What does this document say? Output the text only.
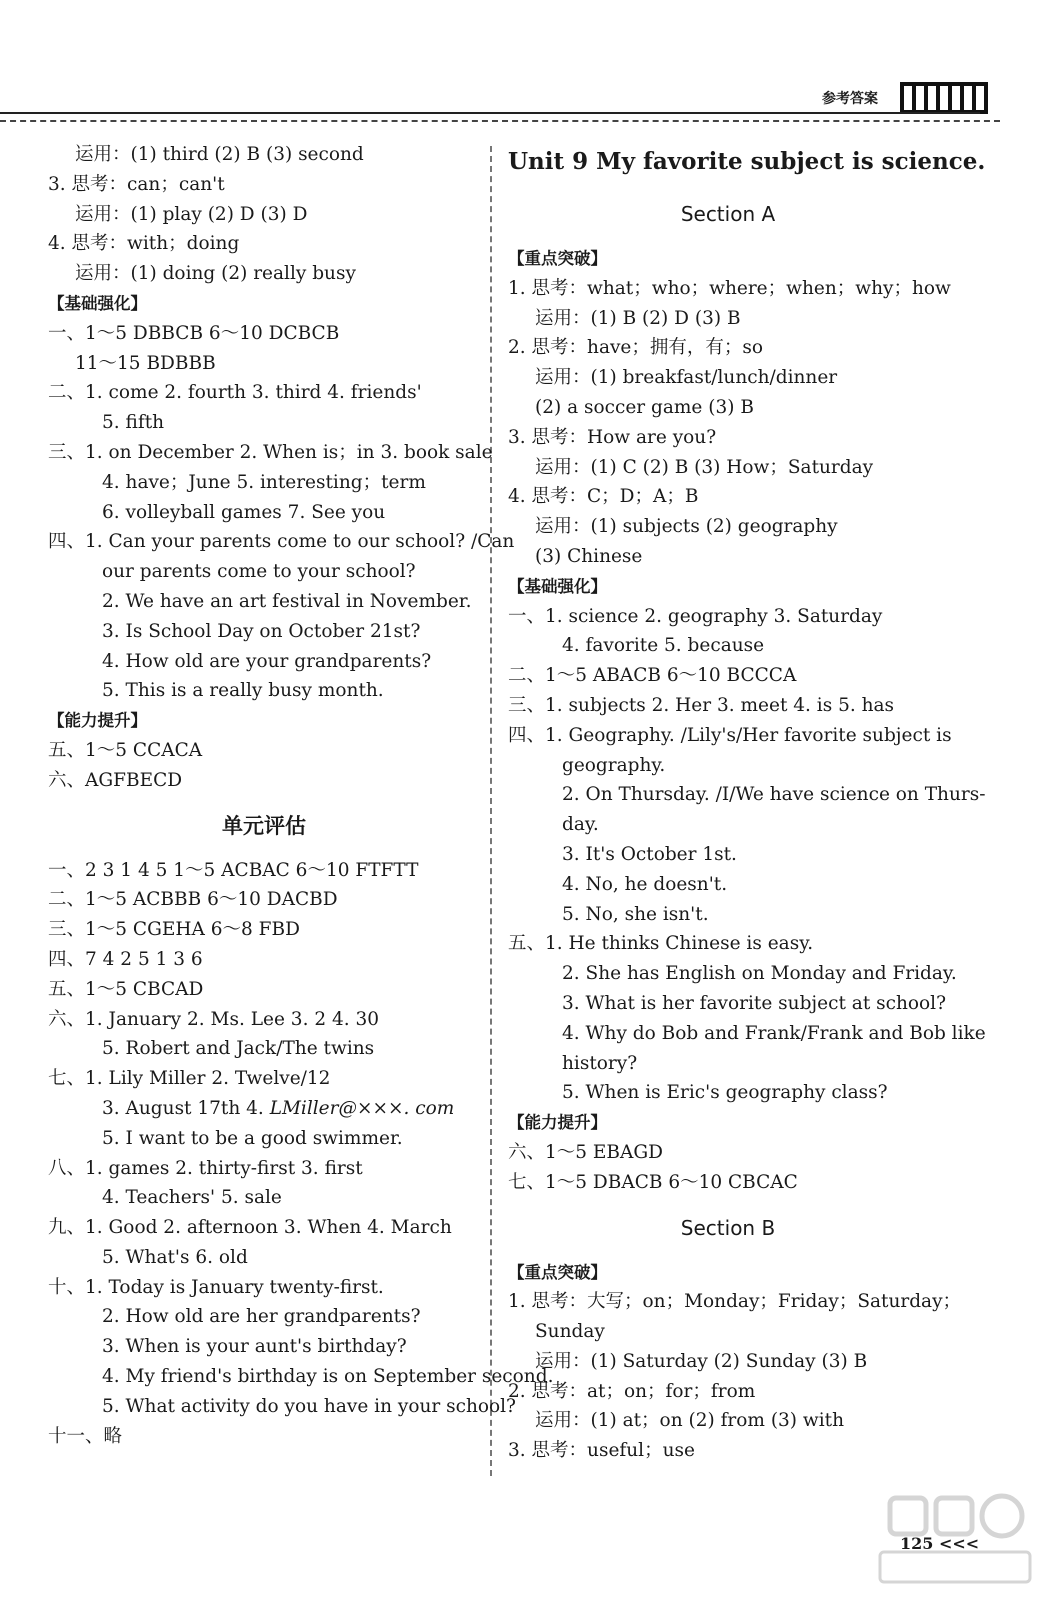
参考答案
运用：(1) third (2) B (3) second
3. 思考：can；can't
运用：(1) play (2) D (3) D
4. 思考：with；doing
运用：(1) doing (2) really busy
【基础强化】
一、1～5 DBBCB 6～10 DCBCB
11～15 BDBBB
二、1. come 2. fourth 3. third 4. friends'
5. fifth
三、1. on December 2. When is；in 3. book sale
4. have；June 5. interesting；term
6. volleyball games 7. See you
四、1. Can your parents come to our school? /Can
our parents come to your school?
2. We have an art festival in November.
3. Is School Day on October 21st?
4. How old are your grandparents?
5. This is a really busy month.
【能力提升】
五、1～5 CCACA
六、AGFBECD
单元评估
一、2 3 1 4 5 1～5 ACBAC 6～10 FTFTT
二、1～5 ACBBB 6～10 DACBD
三、1～5 CGEHA 6～8 FBD
四、7 4 2 5 1 3 6
五、1～5 CBCAD
六、1. January 2. Ms. Lee 3. 2 4. 30
5. Robert and Jack/The twins
七、1. Lily Miller 2. Twelve/12
3. August 17th 4. LMiller@×××. com
5. I want to be a good swimmer.
八、1. games 2. thirty-first 3. first
4. Teachers' 5. sale
九、1. Good 2. afternoon 3. When 4. March
5. What's 6. old
十、1. Today is January twenty-first.
2. How old are her grandparents?
3. When is your aunt's birthday?
4. My friend's birthday is on September second.
5. What activity do you have in your school?
十一、略
Unit 9 My favorite subject is science.
Section A
【重点突破】
1. 思考：what；who；where；when；why；how
运用：(1) B (2) D (3) B
2. 思考：have；拥有，有；so
运用：(1) breakfast/lunch/dinner
(2) a soccer game (3) B
3. 思考：How are you?
运用：(1) C (2) B (3) How；Saturday
4. 思考：C；D；A；B
运用：(1) subjects (2) geography
(3) Chinese
【基础强化】
一、1. science 2. geography 3. Saturday
4. favorite 5. because
二、1～5 ABACB 6～10 BCCCA
三、1. subjects 2. Her 3. meet 4. is 5. has
四、1. Geography. /Lily's/Her favorite subject is
geography.
2. On Thursday. /I/We have science on Thurs-
day.
3. It's October 1st.
4. No, he doesn't.
5. No, she isn't.
五、1. He thinks Chinese is easy.
2. She has English on Monday and Friday.
3. What is her favorite subject at school?
4. Why do Bob and Frank/Frank and Bob like
history?
5. When is Eric's geography class?
【能力提升】
六、1～5 EBAGD
七、1～5 DBACB 6～10 CBCAC
Section B
【重点突破】
1. 思考：大写；on；Monday；Friday；Saturday；
Sunday
运用：(1) Saturday (2) Sunday (3) B
2. 思考：at；on；for；from
运用：(1) at；on (2) from (3) with
3. 思考：useful；use
125 <<<
